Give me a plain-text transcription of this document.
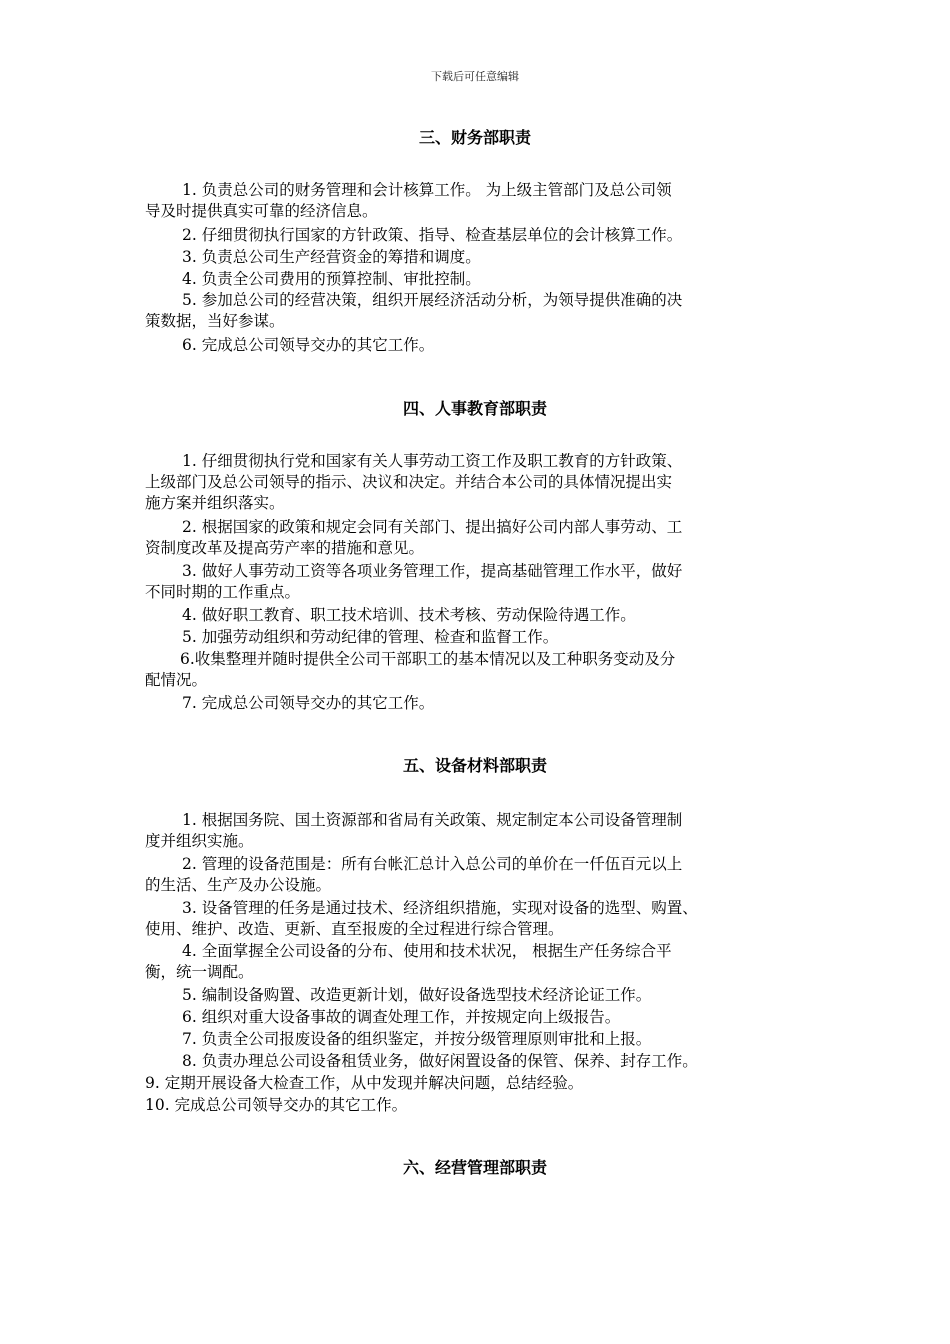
下载后可任意编辑
三、财务部职责
1. 负责总公司的财务管理和会计核算工作。 为上级主管部门及总公司领
导及时提供真实可靠的经济信息。
2. 仔细贯彻执行国家的方针政策、指导、检查基层单位的会计核算工作。
3. 负责总公司生产经营资金的筹措和调度。
4. 负责全公司费用的预算控制、审批控制。
5. 参加总公司的经营决策，组织开展经济活动分析，为领导提供准确的决
策数据，当好参谋。
6. 完成总公司领导交办的其它工作。
四、人事教育部职责
1. 仔细贯彻执行党和国家有关人事劳动工资工作及职工教育的方针政策、
上级部门及总公司领导的指示、决议和决定。并结合本公司的具体情况提出实
施方案并组织落实。
2. 根据国家的政策和规定会同有关部门、提出搞好公司内部人事劳动、工
资制度改革及提高劳产率的措施和意见。
3. 做好人事劳动工资等各项业务管理工作，提高基础管理工作水平，做好
不同时期的工作重点。
4. 做好职工教育、职工技术培训、技术考核、劳动保险待遇工作。
5. 加强劳动组织和劳动纪律的管理、检查和监督工作。
6.收集整理并随时提供全公司干部职工的基本情况以及工种职务变动及分
配情况。
7. 完成总公司领导交办的其它工作。
五、设备材料部职责
1. 根据国务院、国土资源部和省局有关政策、规定制定本公司设备管理制
度并组织实施。
2. 管理的设备范围是：所有台帐汇总计入总公司的单价在一仟伍百元以上
的生活、生产及办公设施。
3. 设备管理的任务是通过技术、经济组织措施，实现对设备的选型、购置、
使用、维护、改造、更新、直至报废的全过程进行综合管理。
4. 全面掌握全公司设备的分布、使用和技术状况， 根据生产任务综合平
衡，统一调配。
5. 编制设备购置、改造更新计划，做好设备选型技术经济论证工作。
6. 组织对重大设备事故的调查处理工作，并按规定向上级报告。
7. 负责全公司报废设备的组织鉴定，并按分级管理原则审批和上报。
8. 负责办理总公司设备租赁业务，做好闲置设备的保管、保养、封存工作。
9. 定期开展设备大检查工作，从中发现并解决问题，总结经验。
10. 完成总公司领导交办的其它工作。
六、经营管理部职责
